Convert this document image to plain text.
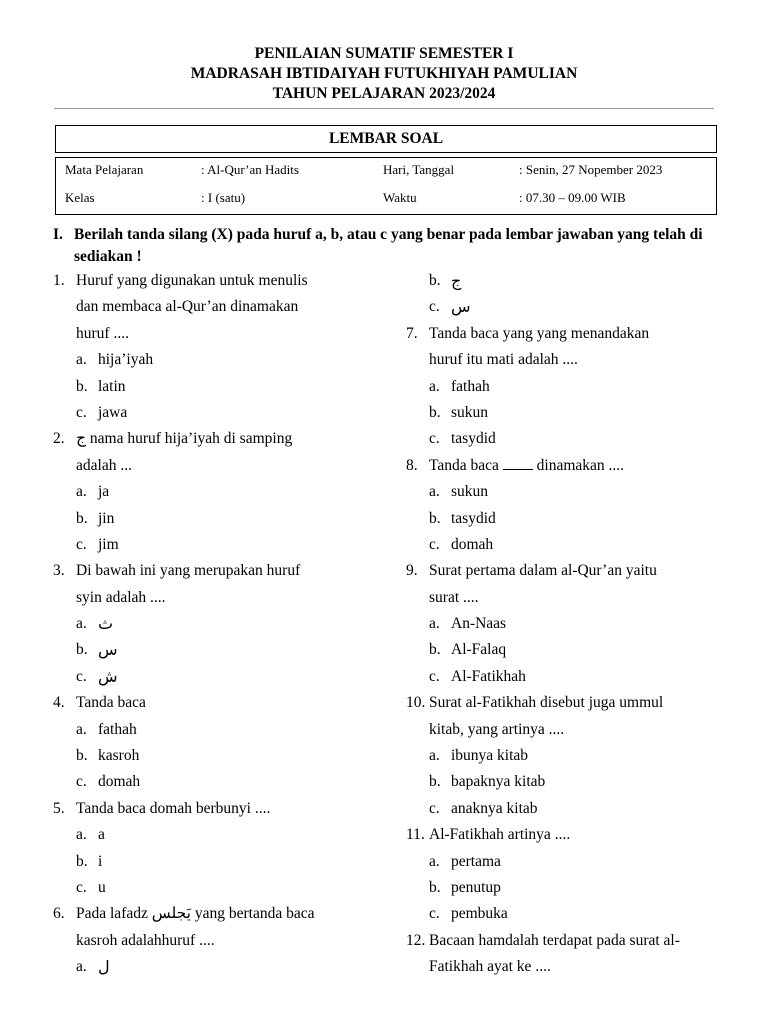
PENILAIAN SUMATIF SEMESTER I
MADRASAH IBTIDAIYAH FUTUKHIYAH PAMULIAN
TAHUN PELAJARAN 2023/2024
LEMBAR SOAL
Mata Pelajaran	: Al-Qur’an Hadits	Hari, Tanggal	: Senin, 27 Nopember 2023
Kelas	: I (satu)	Waktu	: 07.30 – 09.00 WIB
I. Berilah tanda silang (X) pada huruf a, b, atau c yang benar pada lembar jawaban yang telah di sediakan !
1. Huruf yang digunakan untuk menulis
dan membaca al-Qur’an dinamakan
huruf ....
a. hija’iyah
b. latin
c. jawa
2. ج nama huruf hija’iyah di samping
adalah ...
a. ja
b. jin
c. jim
3. Di bawah ini yang merupakan huruf
syin adalah ....
a. ث
b. س
c. ش
4. Tanda baca
a. fathah
b. kasroh
c. domah
5. Tanda baca domah berbunyi ....
a. a
b. i
c. u
6. Pada lafadz يَجلس yang bertanda baca
kasroh adalahhuruf ....
a. ل
b. ج
c. س
7. Tanda baca yang yang menandakan
huruf itu mati adalah ....
a. fathah
b. sukun
c. tasydid
8. Tanda baca  dinamakan ....
a. sukun
b. tasydid
c. domah
9. Surat pertama dalam al-Qur’an yaitu
surat ....
a. An-Naas
b. Al-Falaq
c. Al-Fatikhah
10. Surat al-Fatikhah disebut juga ummul
kitab, yang artinya ....
a. ibunya kitab
b. bapaknya kitab
c. anaknya kitab
11. Al-Fatikhah artinya ....
a. pertama
b. penutup
c. pembuka
12. Bacaan hamdalah terdapat pada surat al-
Fatikhah ayat ke ....
